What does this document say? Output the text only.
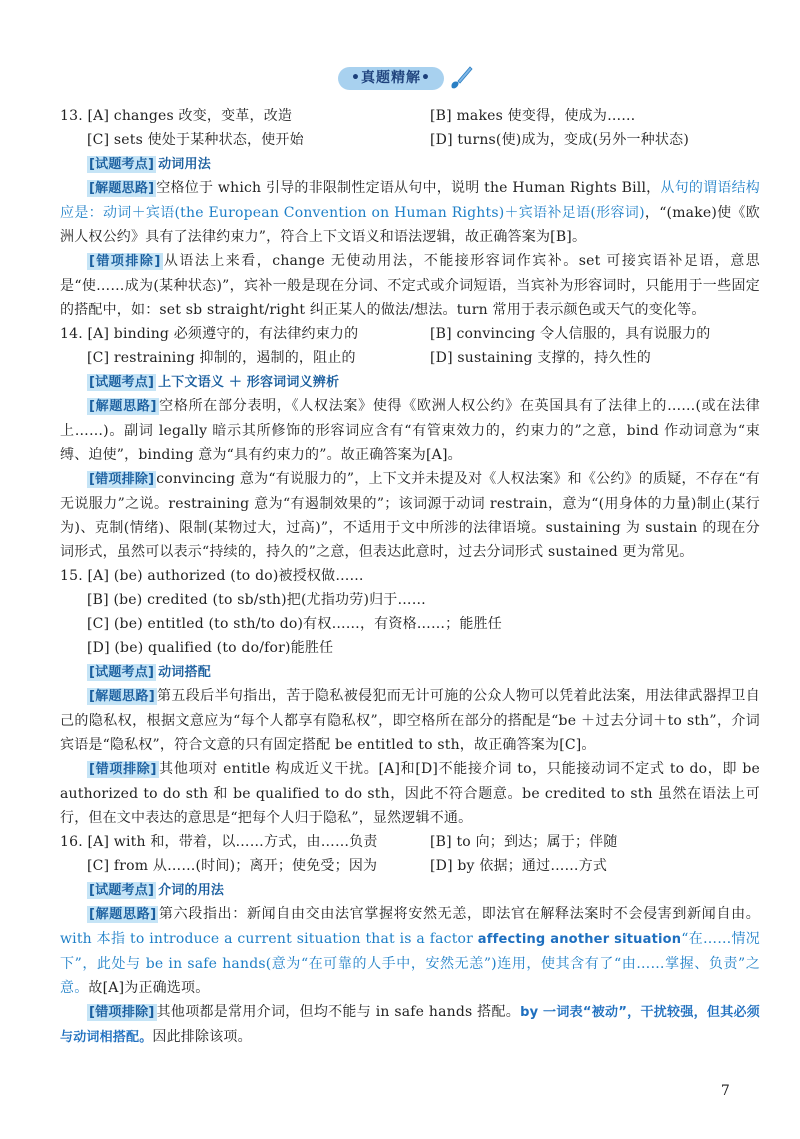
•真题精解•
13. [A] changes 改变，变革，改造	[B] makes 使变得，使成为……
[C] sets 使处于某种状态，使开始	[D] turns(使)成为，变成(另外一种状态)
[试题考点] 动词用法

[解题思路] 空格位于 which 引导的非限制性定语从句中，说明 the Human Rights Bill，从句的谓语结构应是：动词＋宾语(the European Convention on Human Rights)＋宾语补足语(形容词)，“(make)使《欧洲人权公约》具有了法律约束力”，符合上下文语义和语法逻辑，故正确答案为[B]。

[错项排除] 从语法上来看，change 无使动用法，不能接形容词作宾补。set 可接宾语补足语，意思是“使……成为(某种状态)”，宾补一般是现在分词、不定式或介词短语，当宾补为形容词时，只能用于一些固定的搭配中，如：set sb straight/right 纠正某人的做法/想法。turn 常用于表示颜色或天气的变化等。

14. [A] binding 必须遵守的，有法律约束力的	[B] convincing 令人信服的，具有说服力的
[C] restraining 抑制的，遏制的，阻止的	[D] sustaining 支撑的，持久性的
[试题考点] 上下文语义 ＋ 形容词词义辨析

[解题思路] 空格所在部分表明，《人权法案》使得《欧洲人权公约》在英国具有了法律上的……(或在法律上……)。副词 legally 暗示其所修饰的形容词应含有“有管束效力的，约束力的”之意，bind 作动词意为“束缚、迫使”，binding 意为“具有约束力的”。故正确答案为[A]。

[错项排除] convincing 意为“有说服力的”，上下文并未提及对《人权法案》和《公约》的质疑，不存在“有无说服力”之说。restraining 意为“有遏制效果的”；该词源于动词 restrain，意为“(用身体的力量)制止(某行为)、克制(情绪)、限制(某物过大，过高)”，不适用于文中所涉的法律语境。sustaining 为 sustain 的现在分词形式，虽然可以表示“持续的，持久的”之意，但表达此意时，过去分词形式 sustained 更为常见。

15. [A] (be) authorized (to do)被授权做……
[B] (be) credited (to sb/sth)把(尤指功劳)归于……
[C] (be) entitled (to sth/to do)有权……，有资格……；能胜任
[D] (be) qualified (to do/for)能胜任
[试题考点] 动词搭配

[解题思路] 第五段后半句指出，苦于隐私被侵犯而无计可施的公众人物可以凭着此法案，用法律武器捍卫自己的隐私权，根据文意应为“每个人都享有隐私权”，即空格所在部分的搭配是“be ＋过去分词＋to sth”，介词宾语是“隐私权”，符合文意的只有固定搭配 be entitled to sth，故正确答案为[C]。

[错项排除] 其他项对 entitle 构成近义干扰。[A]和[D]不能接介词 to，只能接动词不定式 to do，即 be authorized to do sth 和 be qualified to do sth，因此不符合题意。be credited to sth 虽然在语法上可行，但在文中表达的意思是“把每个人归于隐私”，显然逻辑不通。

16. [A] with 和，带着，以……方式，由……负责	[B] to 向；到达；属于；伴随
[C] from 从……(时间)；离开；使免受；因为	[D] by 依据；通过……方式
[试题考点] 介词的用法

[解题思路] 第六段指出：新闻自由交由法官掌握将安然无恙，即法官在解释法案时不会侵害到新闻自由。with 本指 to introduce a current situation that is a factor affecting another situation“在……情况下”，此处与 be in safe hands(意为“在可靠的人手中，安然无恙”)连用，使其含有了“由……掌握、负责”之意。故[A]为正确选项。

[错项排除] 其他项都是常用介词，但均不能与 in safe hands 搭配。by 一词表“被动”，干扰较强，但其必须与动词相搭配。因此排除该项。

7
